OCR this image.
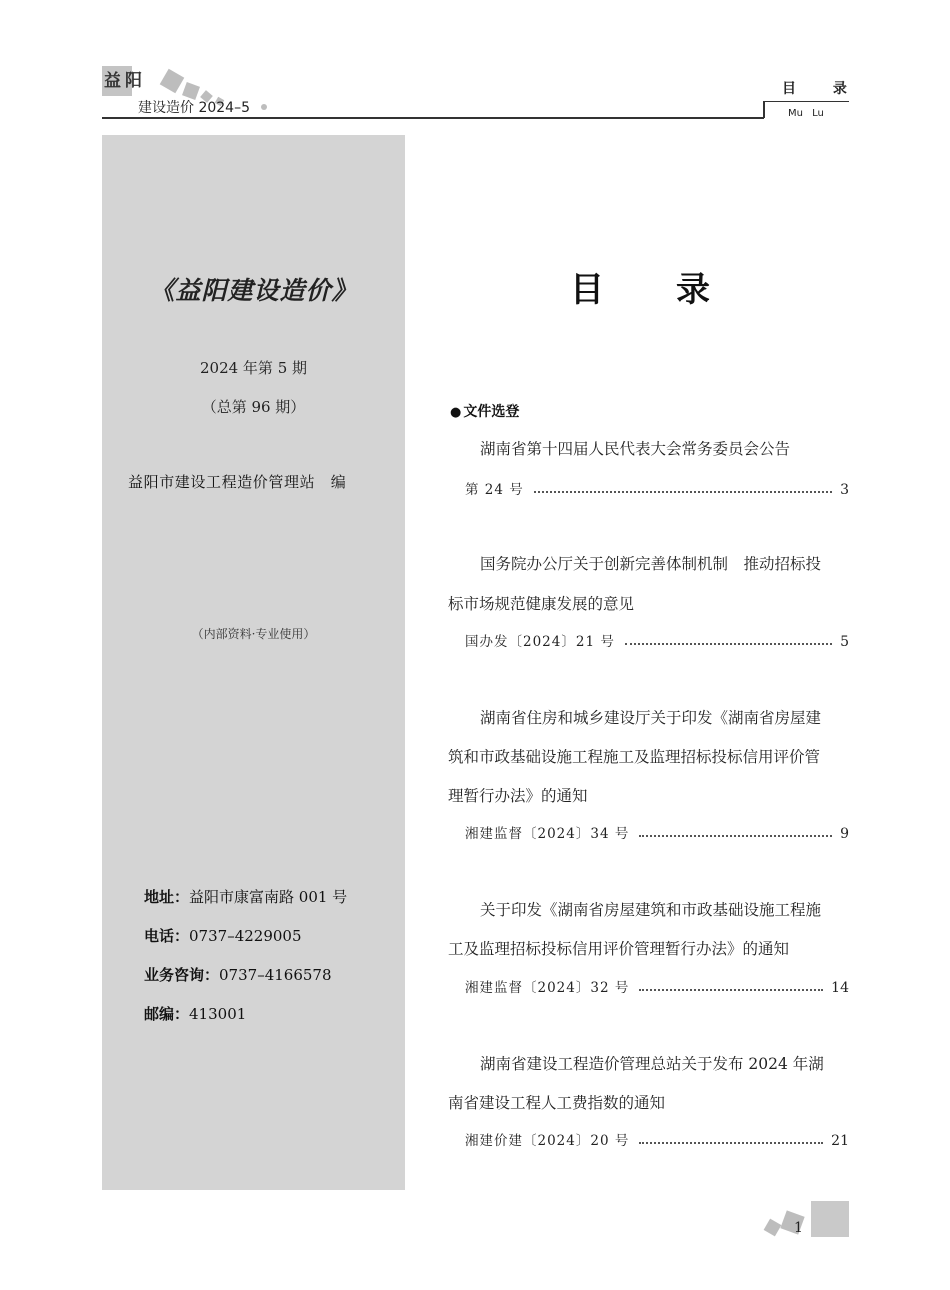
益阳
建设造价 2024–5
目 录
Mu Lu
《益阳建设造价》
2024 年第 5 期
（总第 96 期）
益阳市建设工程造价管理站　编
（内部资料·专业使用）
地址：益阳市康富南路 001 号
电话：0737–4229005
业务咨询：0737–4166578
邮编：413001
目录
● 文件选登
湖南省第十四届人民代表大会常务委员会公告
第 24 号	3
国务院办公厅关于创新完善体制机制　推动招标投
标市场规范健康发展的意见
国办发〔2024〕21 号	5
湖南省住房和城乡建设厅关于印发《湖南省房屋建
筑和市政基础设施工程施工及监理招标投标信用评价管
理暂行办法》的通知
湘建监督〔2024〕34 号	9
关于印发《湖南省房屋建筑和市政基础设施工程施
工及监理招标投标信用评价管理暂行办法》的通知
湘建监督〔2024〕32 号	14
湖南省建设工程造价管理总站关于发布 2024 年湖
南省建设工程人工费指数的通知
湘建价建〔2024〕20 号	21
1
